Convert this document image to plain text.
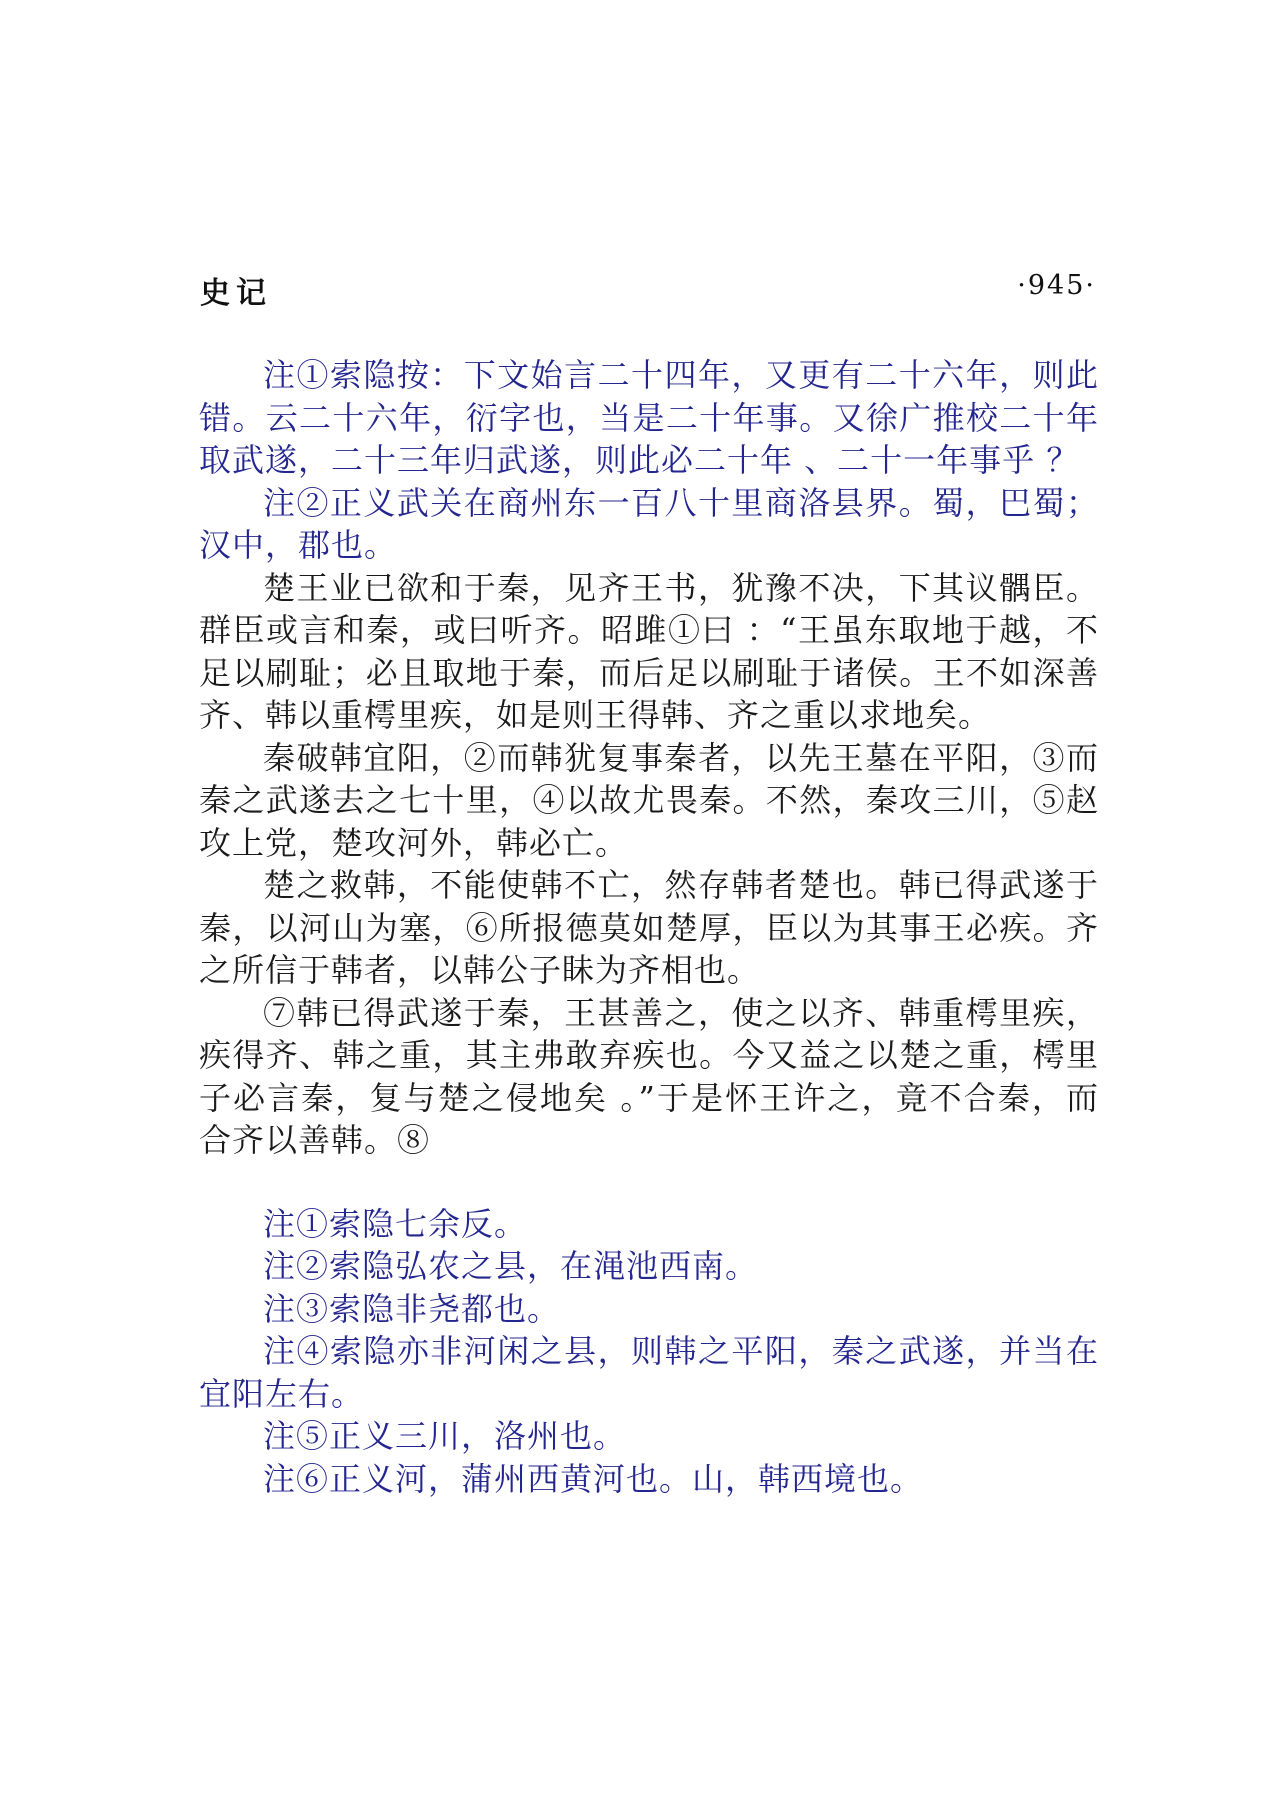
史记	·945·

注①索隐按：下文始言二十四年，又更有二十六年，则此错。云二十六年，衍字也，当是二十年事。又徐广推校二十年取武遂，二十三年归武遂，则此必二十年 、二十一年事乎 ？

注②正义武关在商州东一百八十里商洛县界。蜀，巴蜀；汉中，郡也。

楚王业已欲和于秦，见齐王书，犹豫不决，下其议髃臣。群臣或言和秦，或曰听齐。昭雎①曰 ：“王虽东取地于越，不足以刷耻；必且取地于秦，而后足以刷耻于诸侯。王不如深善齐、韩以重樗里疾，如是则王得韩、齐之重以求地矣。

秦破韩宜阳，②而韩犹复事秦者，以先王墓在平阳，③而秦之武遂去之七十里，④以故尤畏秦。不然，秦攻三川，⑤赵攻上党，楚攻河外，韩必亡。

楚之救韩，不能使韩不亡，然存韩者楚也。韩已得武遂于秦，以河山为塞，⑥所报德莫如楚厚，臣以为其事王必疾。齐之所信于韩者，以韩公子眛为齐相也。

⑦韩已得武遂于秦，王甚善之，使之以齐、韩重樗里疾，疾得齐、韩之重，其主弗敢弃疾也。今又益之以楚之重，樗里子必言秦，复与楚之侵地矣 。”于是怀王许之，竟不合秦，而合齐以善韩。⑧

注①索隐七余反。

注②索隐弘农之县，在渑池西南。

注③索隐非尧都也。

注④索隐亦非河闲之县，则韩之平阳，秦之武遂，并当在宜阳左右。

注⑤正义三川，洛州也。

注⑥正义河，蒲州西黄河也。山，韩西境也。
